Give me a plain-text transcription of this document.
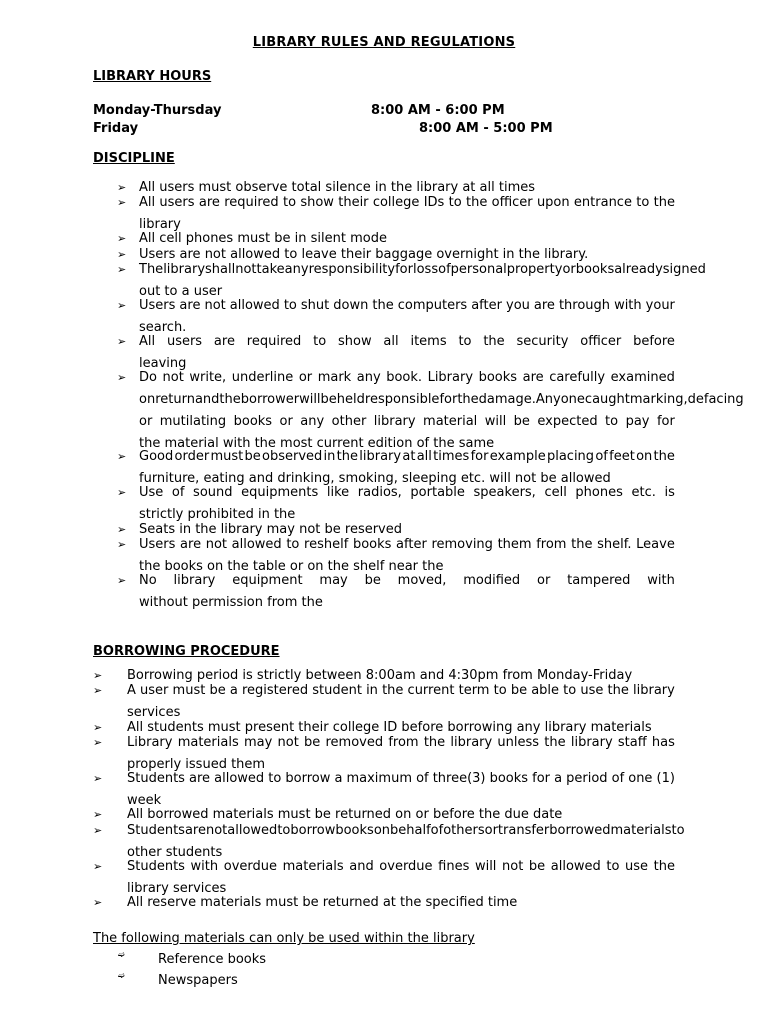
LIBRARY RULES AND REGULATIONS
LIBRARY HOURS
Monday-Thursday	8:00 AM - 6:00 PM
Friday	8:00 AM - 5:00 PM
DISCIPLINE
BORROWING PROCEDURE
The following materials can only be used within the library
➢ All users must observe total silence in the library at all times
➢ All users are required to show their college IDs to the officer upon entrance to the
library
➢ All cell phones must be in silent mode
➢ Users are not allowed to leave their baggage overnight in the library.
➢ The library shall not take any responsibility for loss of personal property or books already signed
out to a user
➢ Users are not allowed to shut down the computers after you are through with your
search.
➢ All users are required to show all items to the security officer before
leaving
➢ Do not write, underline or mark any book. Library books are carefully examined
on return and the borrower will be held responsible for the damage. Anyone caught marking, defacing
or mutilating books or any other library material will be expected to pay for
the material with the most current edition of the same
➢ Good order must be observed in the library at all times for example placing of feet on the
furniture, eating and drinking, smoking, sleeping etc. will not be allowed
➢ Use of sound equipments like radios, portable speakers, cell phones etc. is
strictly prohibited in the
➢ Seats in the library may not be reserved
➢ Users are not allowed to reshelf books after removing them from the shelf. Leave
the books on the table or on the shelf near the
➢ No library equipment may be moved, modified or tampered with
without permission from the
➢ Borrowing period is strictly between 8:00am and 4:30pm from Monday-Friday
➢ A user must be a registered student in the current term to be able to use the library
services
➢ All students must present their college ID before borrowing any library materials
➢ Library materials may not be removed from the library unless the library staff has
properly issued them
➢ Students are allowed to borrow a maximum of three(3) books for a period of one (1)
week
➢ All borrowed materials must be returned on or before the due date
➢ Students are not allowed to borrow books on behalf of others or transfer borrowed materials to
other students
➢ Students with overdue materials and overdue fines will not be allowed to use the
library services
➢ All reserve materials must be returned at the specified time
➫	Reference books
➫	Newspapers
